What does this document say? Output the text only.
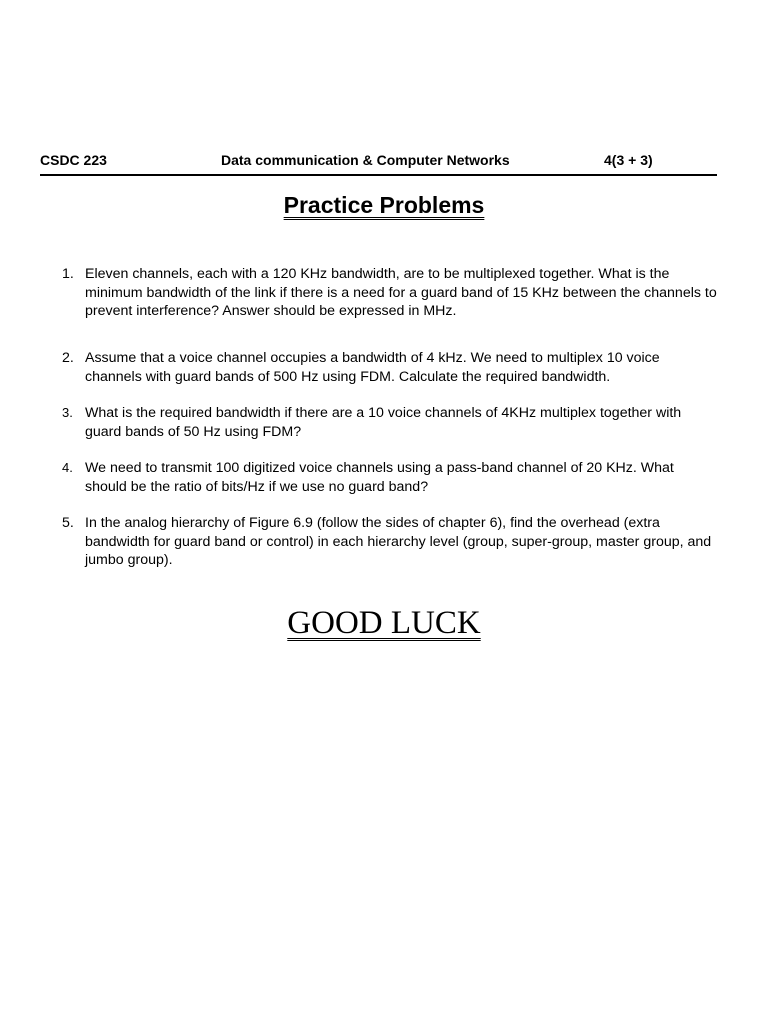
CSDC 223	Data communication & Computer Networks	4(3 + 3)
Practice Problems
1. Eleven channels, each with a 120 KHz bandwidth, are to be multiplexed together. What is the minimum bandwidth of the link if there is a need for a guard band of 15 KHz between the channels to prevent interference? Answer should be expressed in MHz.
2. Assume that a voice channel occupies a bandwidth of 4 kHz. We need to multiplex 10 voice channels with guard bands of 500 Hz using FDM. Calculate the required bandwidth.
3. What is the required bandwidth if there are a 10 voice channels of 4KHz multiplex together with guard bands of 50 Hz using FDM?
4. We need to transmit 100 digitized voice channels using a pass-band channel of 20 KHz. What should be the ratio of bits/Hz if we use no guard band?
5. In the analog hierarchy of Figure 6.9 (follow the sides of chapter 6), find the overhead (extra bandwidth for guard band or control) in each hierarchy level (group, super-group, master group, and jumbo group).
GOOD LUCK
